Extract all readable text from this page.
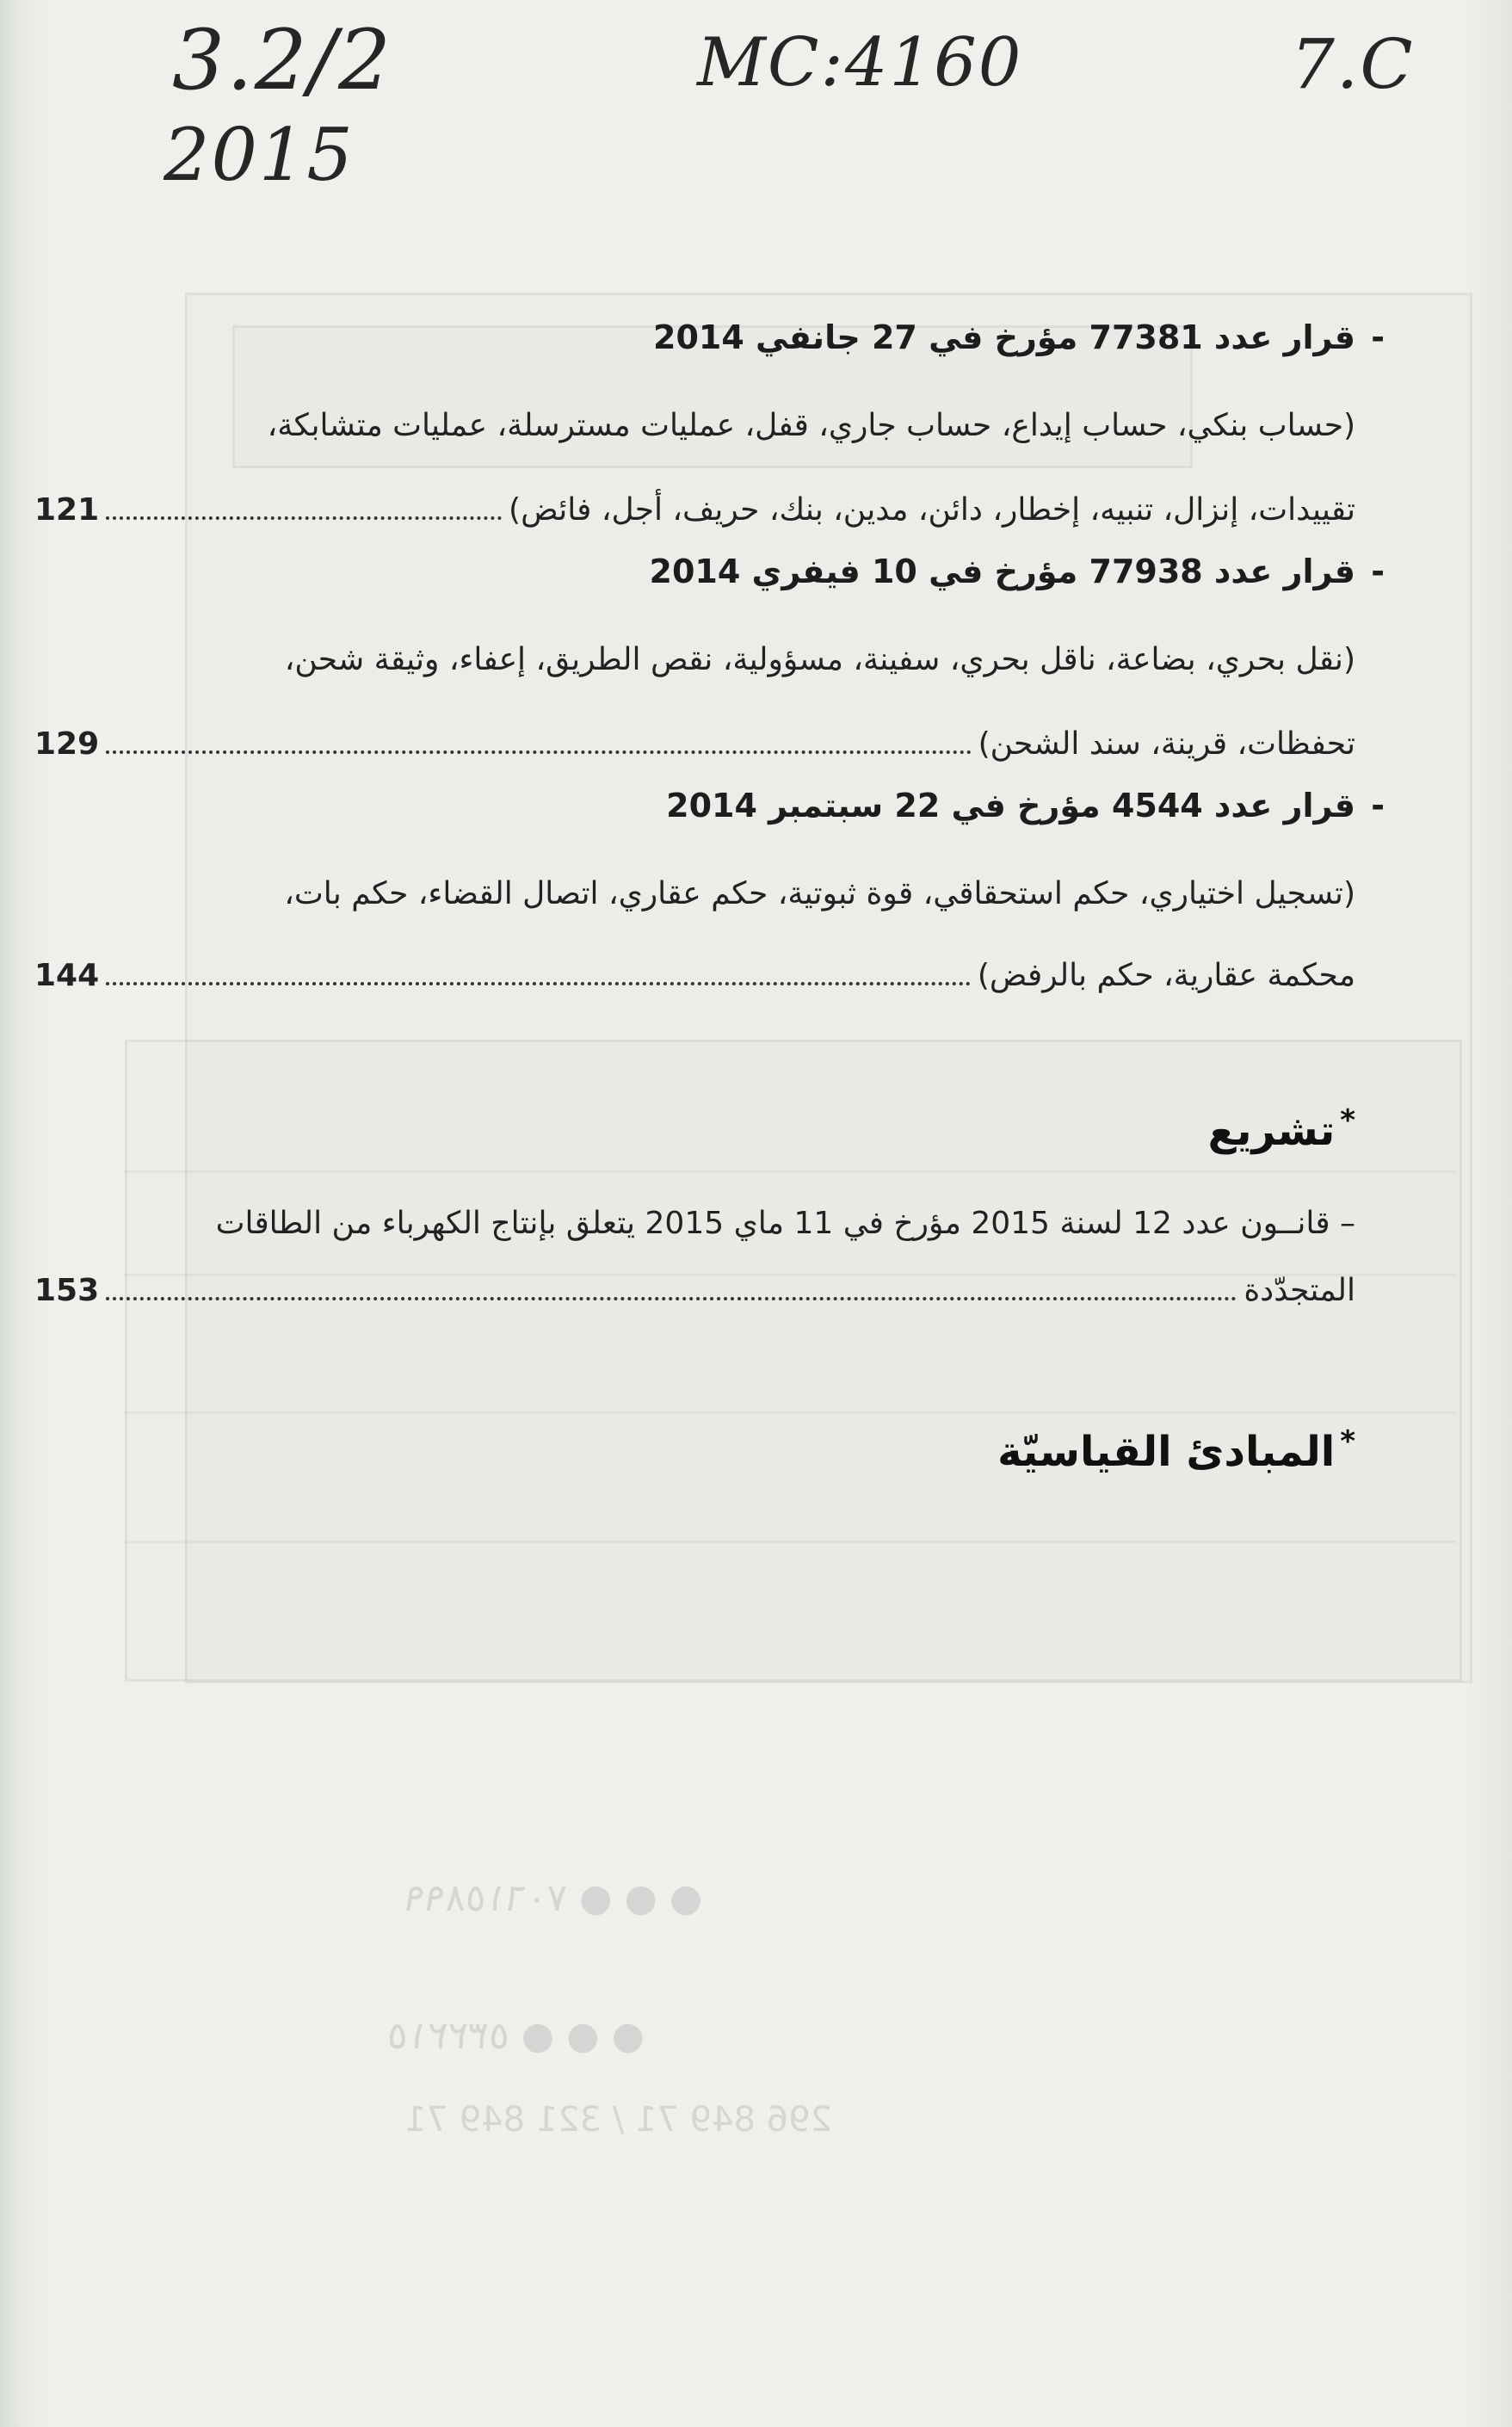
٧٠٦١٥٨٩٩ ● ● ●
٥٣٢٢١٥ ● ● ●
71 849 321 / 71 849 296
3.2/2
2015
MC:4160	7.C
-
قرار عدد 77381 مؤرخ في 27 جانفي 2014
(حساب بنكي، حساب إيداع، حساب جاري، قفل، عمليات مسترسلة، عمليات متشابكة،
تقييدات، إنزال، تنبيه، إخطار، دائن، مدين، بنك، حريف، أجل، فائض)
121
-
قرار عدد 77938 مؤرخ في 10 فيفري 2014
(نقل بحري، بضاعة، ناقل بحري، سفينة، مسؤولية، نقص الطريق، إعفاء، وثيقة شحن،
تحفظات، قرينة، سند الشحن)
129
-
قرار عدد 4544 مؤرخ في 22 سبتمبر 2014
(تسجيل اختياري، حكم استحقاقي، قوة ثبوتية، حكم عقاري، اتصال القضاء، حكم بات،
محكمة عقارية، حكم بالرفض)
144
*تشريع
– قانــون عدد 12 لسنة 2015 مؤرخ في 11 ماي 2015 يتعلق بإنتاج الكهرباء من الطاقات
المتجدّدة
153
*المبادئ القياسيّة
